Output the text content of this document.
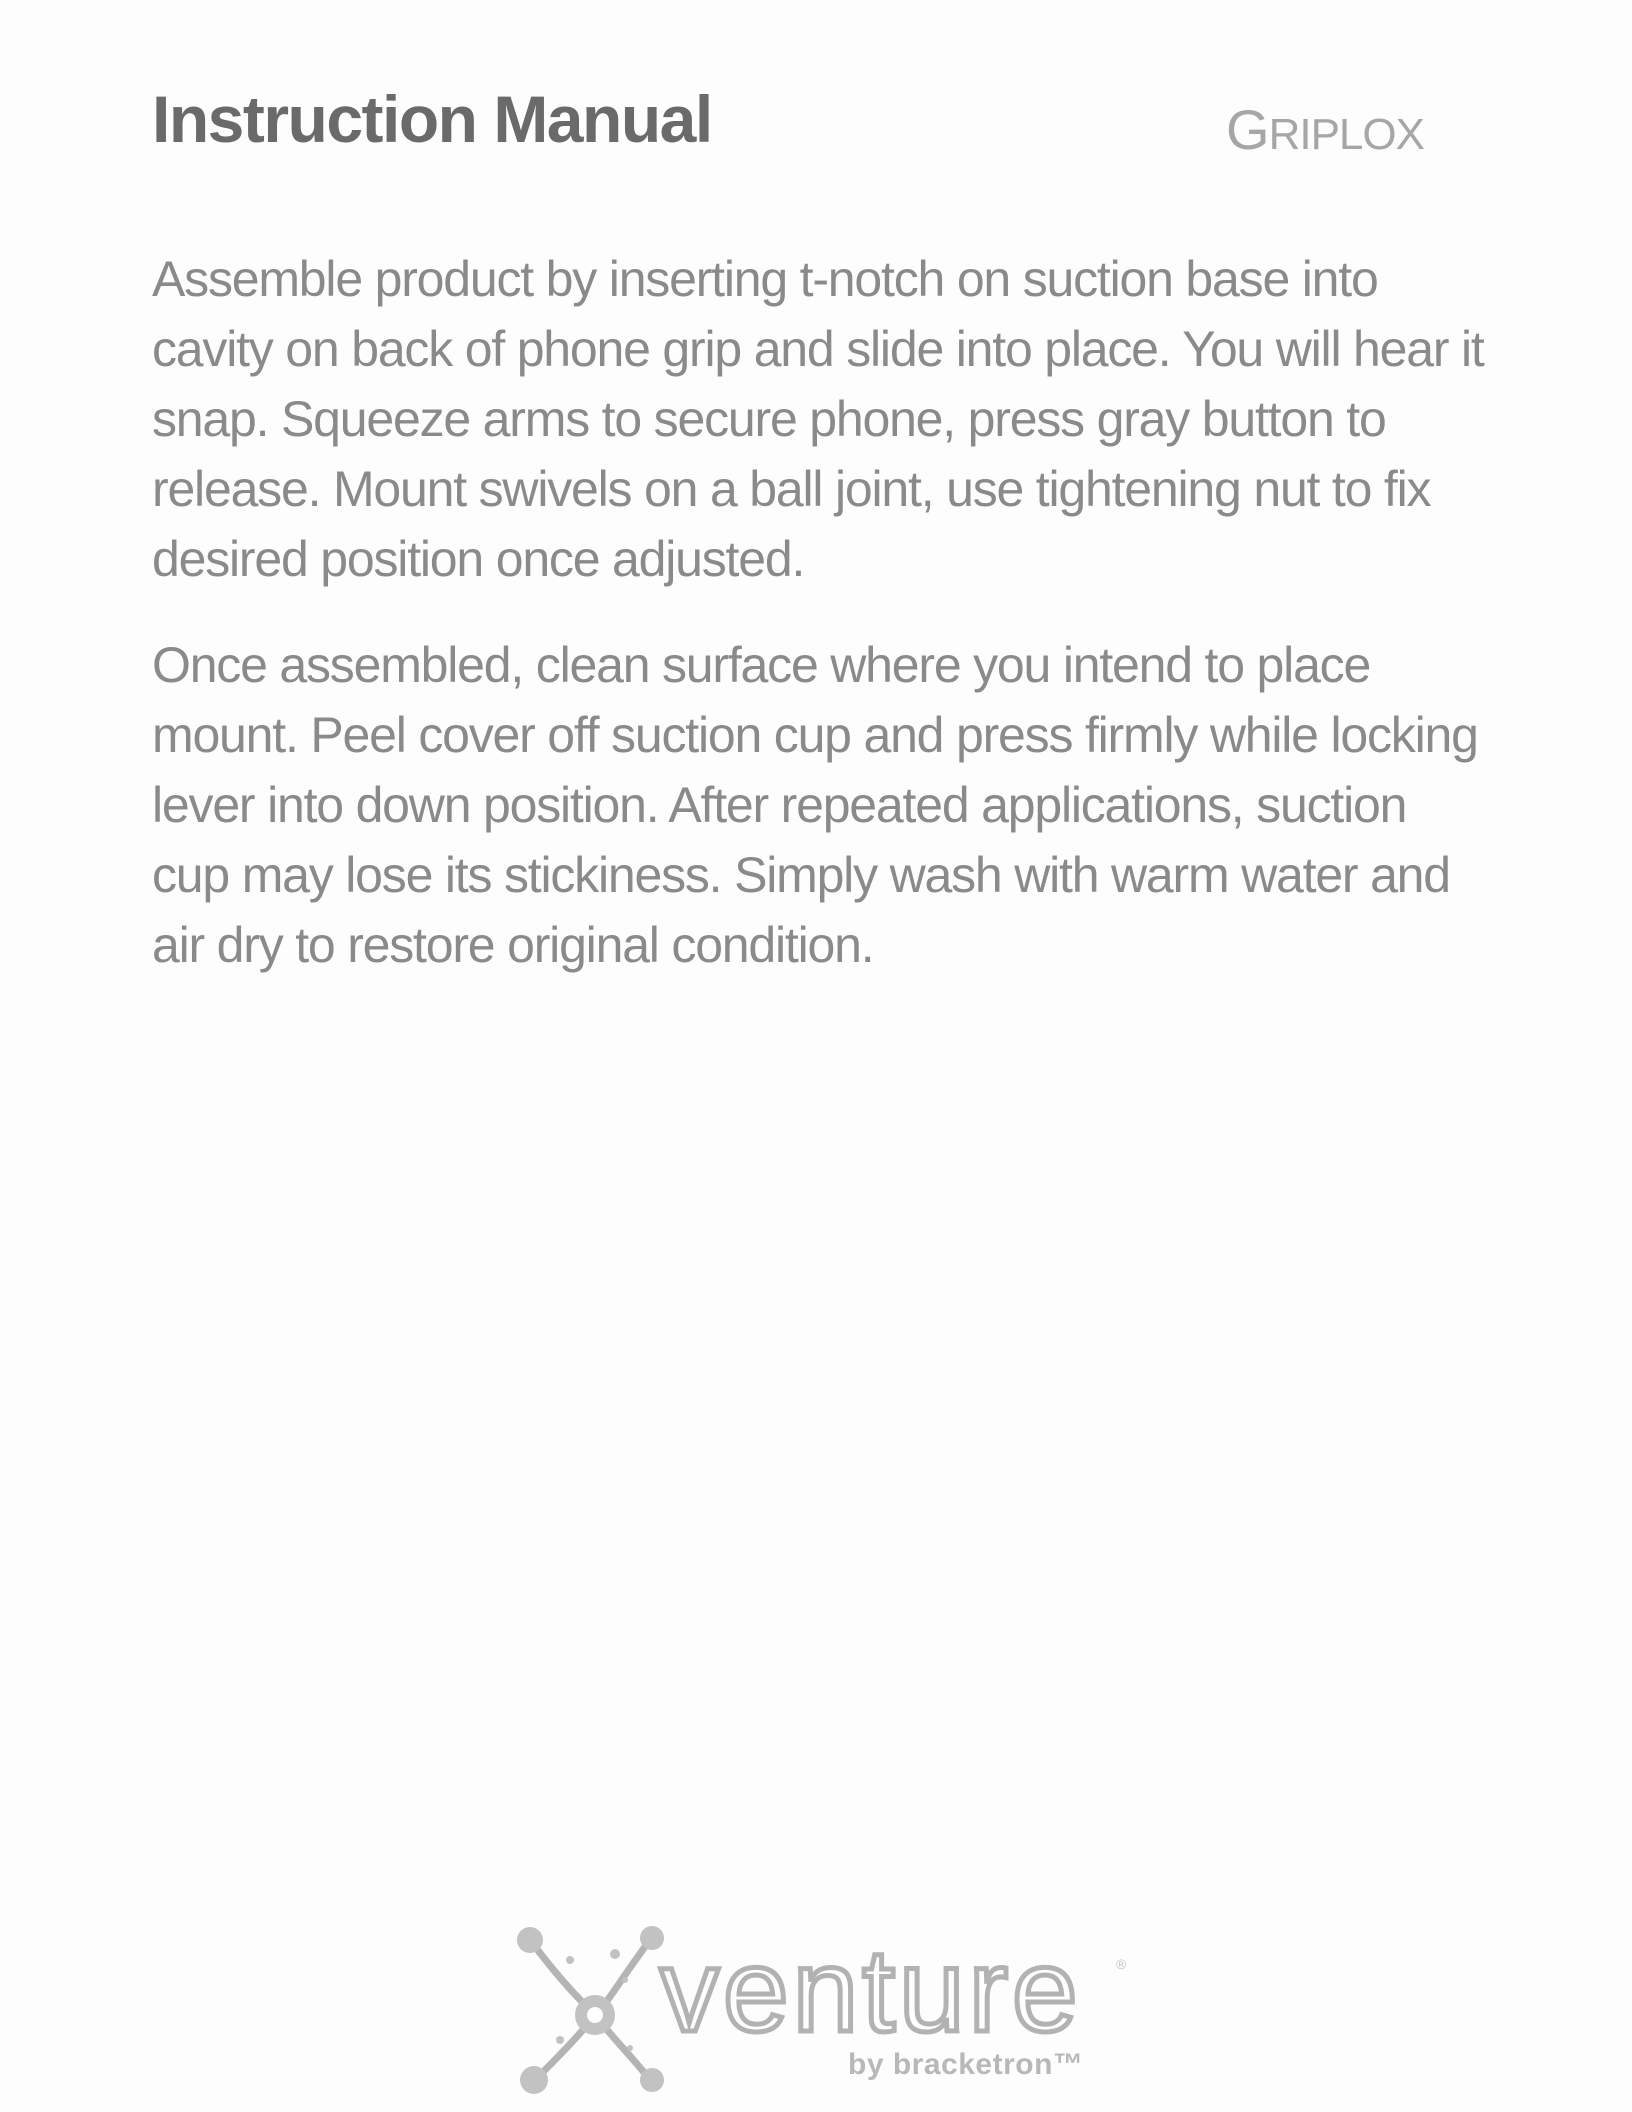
Instruction Manual	GRIPLOX

Assemble product by inserting t-notch on suction base into cavity on back of phone grip and slide into place. You will hear it snap. Squeeze arms to secure phone, press gray button to release. Mount swivels on a ball joint, use tightening nut to fix desired position once adjusted.

Once assembled, clean surface where you intend to place mount. Peel cover off suction cup and press firmly while locking lever into down position. After repeated applications, suction cup may lose its stickiness. Simply wash with warm water and air dry to restore original condition.

venture ®
by bracketron™
